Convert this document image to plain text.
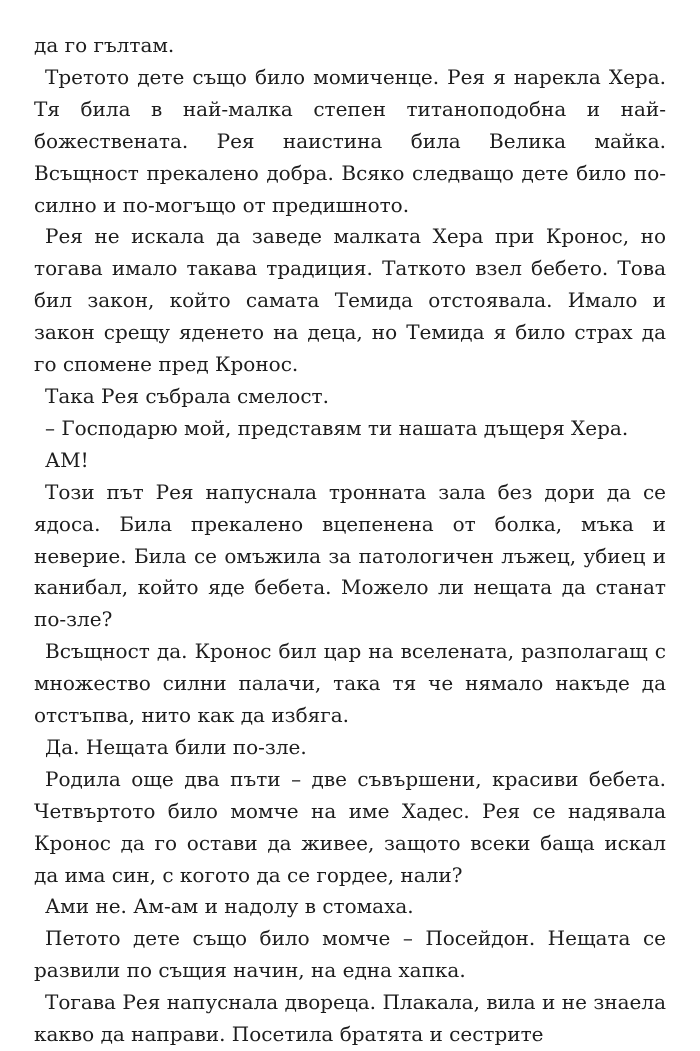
да го гълтам.

Третото дете също било момиченце. Рея я нарекла Хера. Тя била в най-малка степен титаноподобна и най-божествената. Рея наистина била Велика майка. Всъщност прекалено добра. Всяко следващо дете било по-силно и по-могъщо от предишното.

Рея не искала да заведе малката Хера при Кронос, но тогава имало такава традиция. Таткото взел бебето. Това бил закон, който самата Темида отстоявала. Имало и закон срещу яденето на деца, но Темида я било страх да го спомене пред Кронос.

Така Рея събрала смелост.

– Господарю мой, представям ти нашата дъщеря Хера.

АМ!

Този път Рея напуснала тронната зала без дори да се ядоса. Била прекалено вцепенена от болка, мъка и неверие. Била се омъжила за патологичен лъжец, убиец и канибал, който яде бебета. Можело ли нещата да станат по-зле?

Всъщност да. Кронос бил цар на вселената, разполагащ с множество силни палачи, така тя че нямало накъде да отстъпва, нито как да избяга.

Да. Нещата били по-зле.

Родила още два пъти – две съвършени, красиви бебета. Четвъртото било момче на име Хадес. Рея се надявала Кронос да го остави да живее, защото всеки баща искал да има син, с когото да се гордее, нали?

Ами не. Ам-ам и надолу в стомаха.

Петото дете също било момче – Посейдон. Нещата се развили по същия начин, на една хапка.

Тогава Рея напуснала двореца. Плакала, вила и не знаела какво да направи. Посетила братята и сестрите
